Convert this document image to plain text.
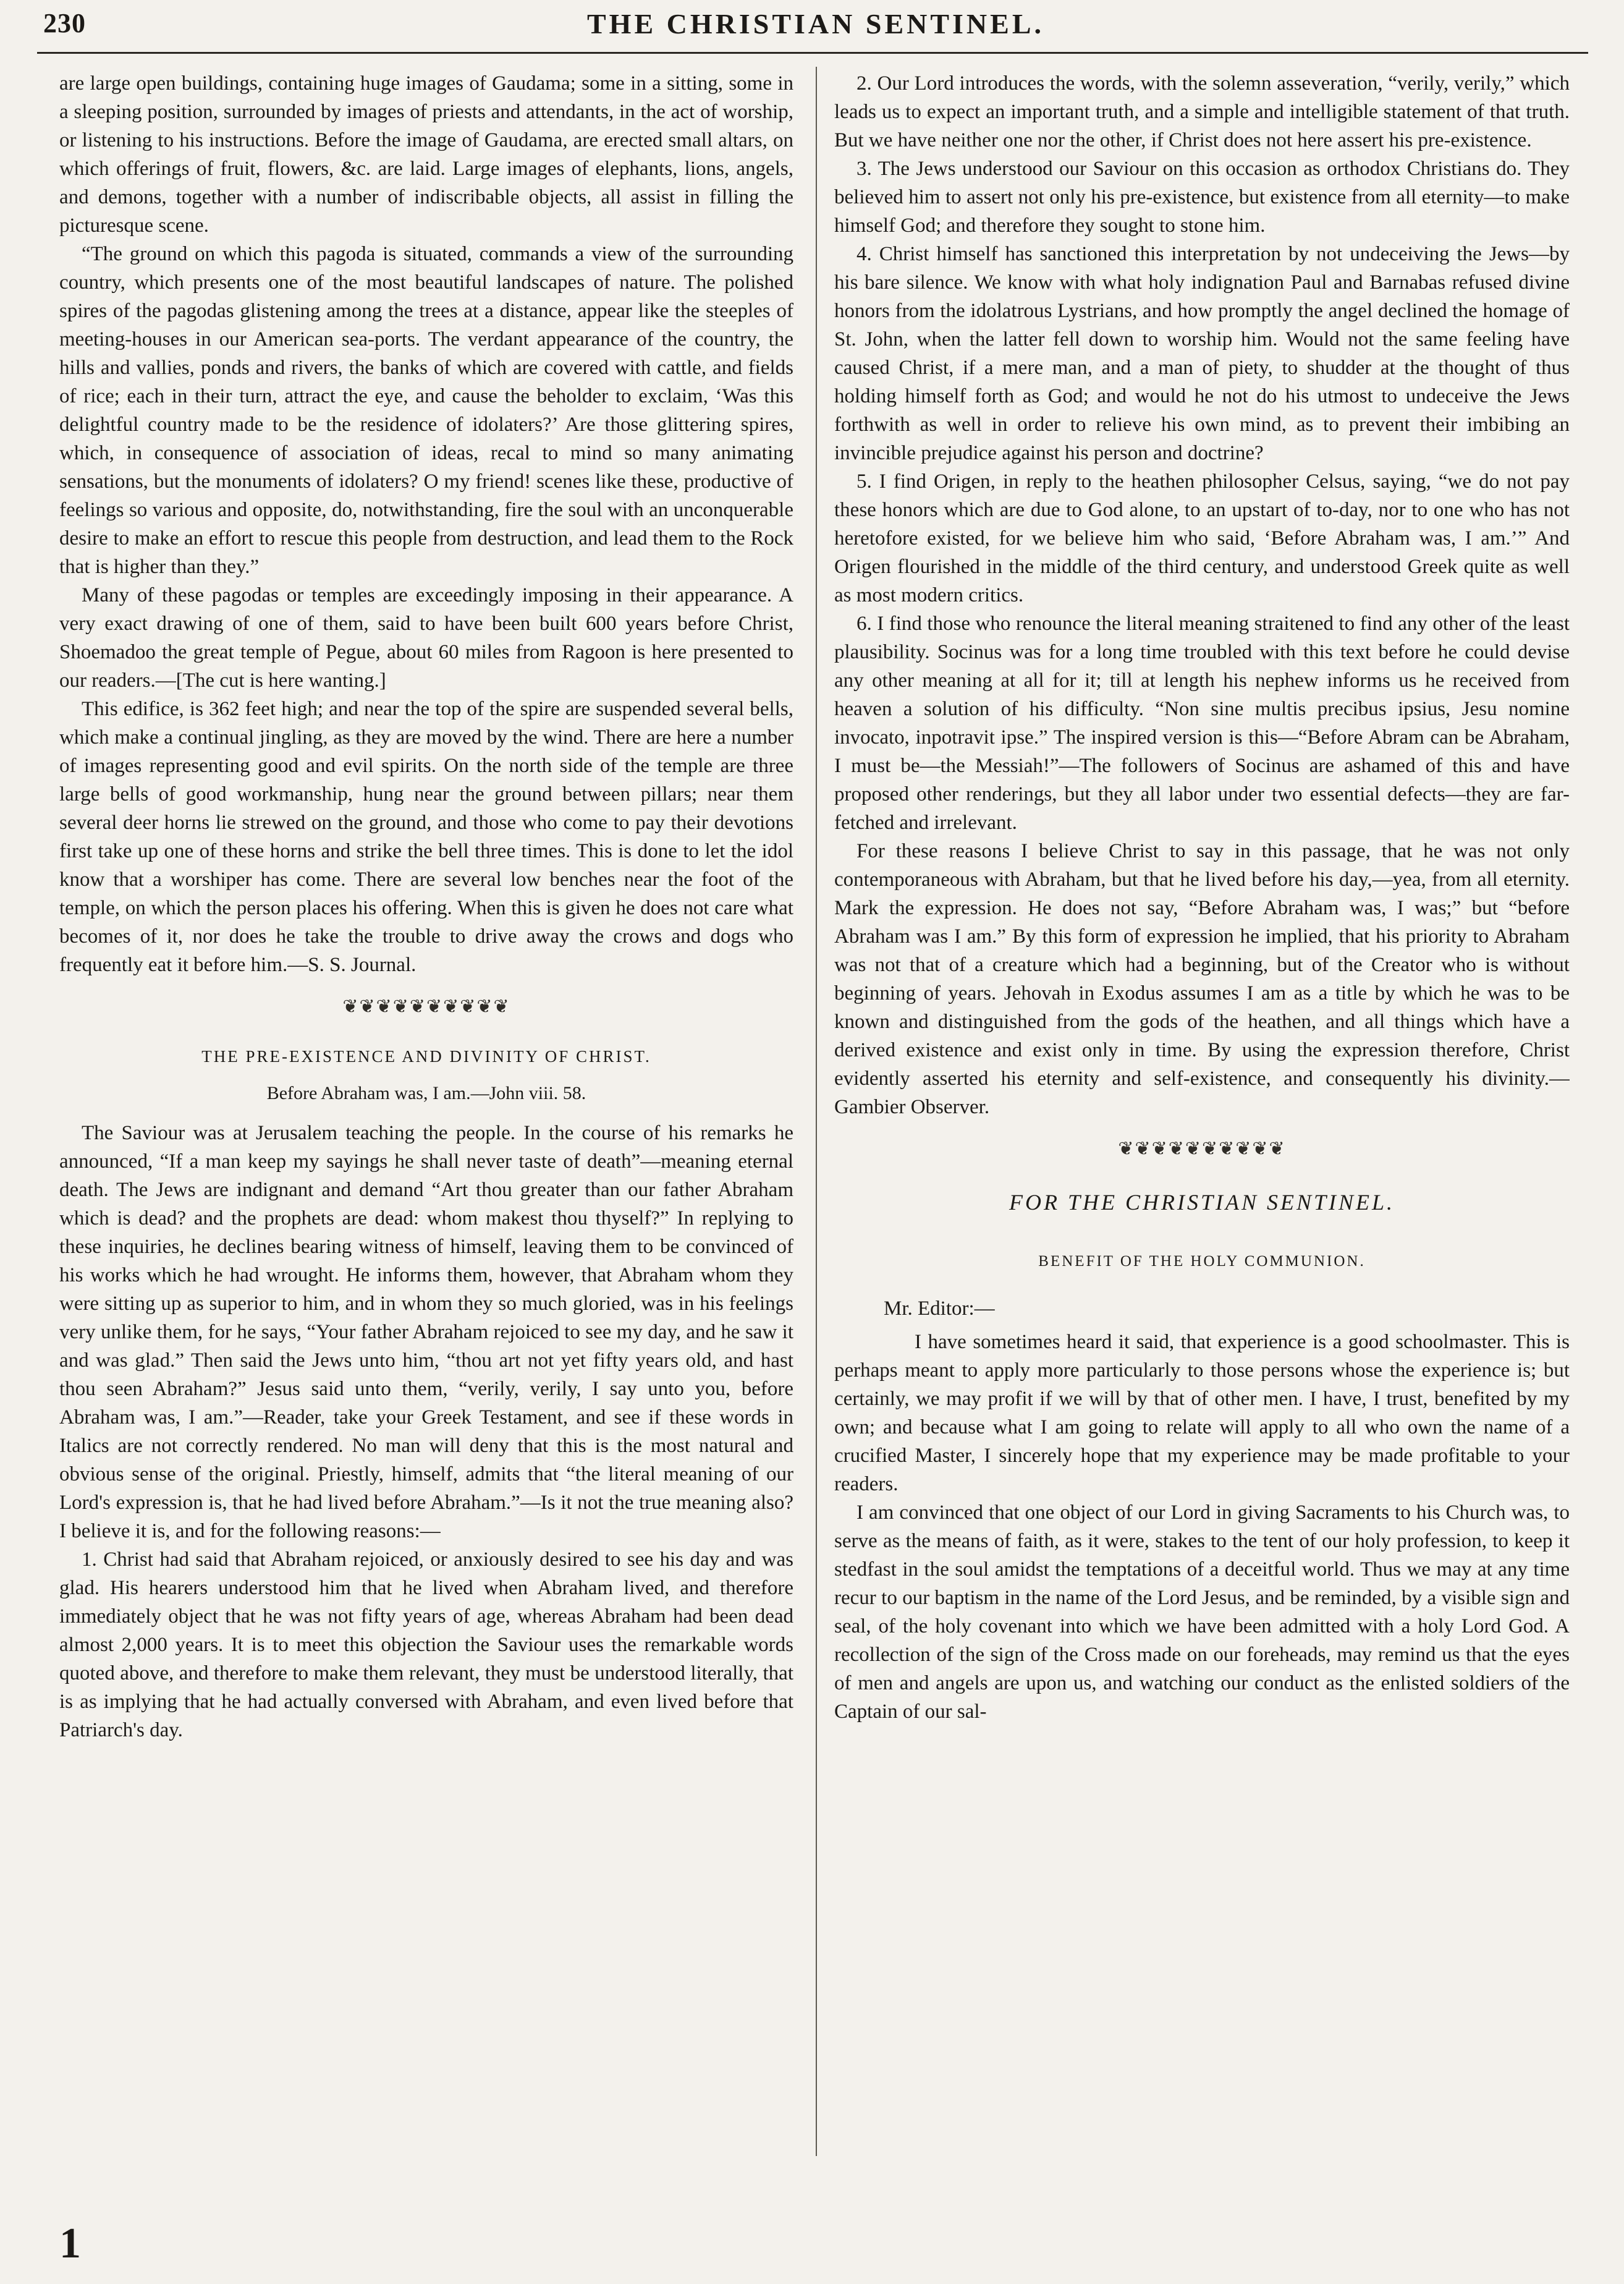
230	THE CHRISTIAN SENTINEL.

are large open buildings, containing huge images of Gaudama; some in a sitting, some in a sleeping position, surrounded by images of priests and attendants, in the act of worship, or listening to his instructions. Before the image of Gaudama, are erected small altars, on which offerings of fruit, flowers, &c. are laid. Large images of elephants, lions, angels, and demons, together with a number of indiscribable objects, all assist in filling the picturesque scene.

“The ground on which this pagoda is situated, commands a view of the surrounding country, which presents one of the most beautiful landscapes of nature. The polished spires of the pagodas glistening among the trees at a distance, appear like the steeples of meeting-houses in our American sea-ports. The verdant appearance of the country, the hills and vallies, ponds and rivers, the banks of which are covered with cattle, and fields of rice; each in their turn, attract the eye, and cause the beholder to exclaim, ‘Was this delightful country made to be the residence of idolaters?’ Are those glittering spires, which, in consequence of association of ideas, recal to mind so many animating sensations, but the monuments of idolaters? O my friend! scenes like these, productive of feelings so various and opposite, do, notwithstanding, fire the soul with an unconquerable desire to make an effort to rescue this people from destruction, and lead them to the Rock that is higher than they.”

Many of these pagodas or temples are exceedingly imposing in their appearance. A very exact drawing of one of them, said to have been built 600 years before Christ, Shoemadoo the great temple of Pegue, about 60 miles from Ragoon is here presented to our readers.—[The cut is here wanting.]

This edifice, is 362 feet high; and near the top of the spire are suspended several bells, which make a continual jingling, as they are moved by the wind. There are here a number of images representing good and evil spirits. On the north side of the temple are three large bells of good workmanship, hung near the ground between pillars; near them several deer horns lie strewed on the ground, and those who come to pay their devotions first take up one of these horns and strike the bell three times. This is done to let the idol know that a worshiper has come. There are several low benches near the foot of the temple, on which the person places his offering. When this is given he does not care what becomes of it, nor does he take the trouble to drive away the crows and dogs who frequently eat it before him.—S. S. Journal.

❦❦❦❦❦❦❦❦❦❦
THE PRE-EXISTENCE AND DIVINITY OF CHRIST.
Before Abraham was, I am.—John viii. 58.

The Saviour was at Jerusalem teaching the people. In the course of his remarks he announced, “If a man keep my sayings he shall never taste of death”—meaning eternal death. The Jews are indignant and demand “Art thou greater than our father Abraham which is dead? and the prophets are dead: whom makest thou thyself?” In replying to these inquiries, he declines bearing witness of himself, leaving them to be convinced of his works which he had wrought. He informs them, however, that Abraham whom they were sitting up as superior to him, and in whom they so much gloried, was in his feelings very unlike them, for he says, “Your father Abraham rejoiced to see my day, and he saw it and was glad.” Then said the Jews unto him, “thou art not yet fifty years old, and hast thou seen Abraham?” Jesus said unto them, “verily, verily, I say unto you, before Abraham was, I am.”—Reader, take your Greek Testament, and see if these words in Italics are not correctly rendered. No man will deny that this is the most natural and obvious sense of the original. Priestly, himself, admits that “the literal meaning of our Lord's expression is, that he had lived before Abraham.”—Is it not the true meaning also? I believe it is, and for the following reasons:—

1. Christ had said that Abraham rejoiced, or anxiously desired to see his day and was glad. His hearers understood him that he lived when Abraham lived, and therefore immediately object that he was not fifty years of age, whereas Abraham had been dead almost 2,000 years. It is to meet this objection the Saviour uses the remarkable words quoted above, and therefore to make them relevant, they must be understood literally, that is as implying that he had actually conversed with Abraham, and even lived before that Patriarch's day.

2. Our Lord introduces the words, with the solemn asseveration, “verily, verily,” which leads us to expect an important truth, and a simple and intelligible statement of that truth. But we have neither one nor the other, if Christ does not here assert his pre-existence.

3. The Jews understood our Saviour on this occasion as orthodox Christians do. They believed him to assert not only his pre-existence, but existence from all eternity—to make himself God; and therefore they sought to stone him.

4. Christ himself has sanctioned this interpretation by not undeceiving the Jews—by his bare silence. We know with what holy indignation Paul and Barnabas refused divine honors from the idolatrous Lystrians, and how promptly the angel declined the homage of St. John, when the latter fell down to worship him. Would not the same feeling have caused Christ, if a mere man, and a man of piety, to shudder at the thought of thus holding himself forth as God; and would he not do his utmost to undeceive the Jews forthwith as well in order to relieve his own mind, as to prevent their imbibing an invincible prejudice against his person and doctrine?

5. I find Origen, in reply to the heathen philosopher Celsus, saying, “we do not pay these honors which are due to God alone, to an upstart of to-day, nor to one who has not heretofore existed, for we believe him who said, ‘Before Abraham was, I am.’” And Origen flourished in the middle of the third century, and understood Greek quite as well as most modern critics.

6. I find those who renounce the literal meaning straitened to find any other of the least plausibility. Socinus was for a long time troubled with this text before he could devise any other meaning at all for it; till at length his nephew informs us he received from heaven a solution of his difficulty. “Non sine multis precibus ipsius, Jesu nomine invocato, inpotravit ipse.” The inspired version is this—“Before Abram can be Abraham, I must be—the Messiah!”—The followers of Socinus are ashamed of this and have proposed other renderings, but they all labor under two essential defects—they are far-fetched and irrelevant.

For these reasons I believe Christ to say in this passage, that he was not only contemporaneous with Abraham, but that he lived before his day,—yea, from all eternity. Mark the expression. He does not say, “Before Abraham was, I was;” but “before Abraham was I am.” By this form of expression he implied, that his priority to Abraham was not that of a creature which had a beginning, but of the Creator who is without beginning of years. Jehovah in Exodus assumes I am as a title by which he was to be known and distinguished from the gods of the heathen, and all things which have a derived existence and exist only in time. By using the expression therefore, Christ evidently asserted his eternity and self-existence, and consequently his divinity.—Gambier Observer.

❦❦❦❦❦❦❦❦❦❦
FOR THE CHRISTIAN SENTINEL.
BENEFIT OF THE HOLY COMMUNION.

Mr. Editor:—

I have sometimes heard it said, that experience is a good schoolmaster. This is perhaps meant to apply more particularly to those persons whose the experience is; but certainly, we may profit if we will by that of other men. I have, I trust, benefited by my own; and because what I am going to relate will apply to all who own the name of a crucified Master, I sincerely hope that my experience may be made profitable to your readers.

I am convinced that one object of our Lord in giving Sacraments to his Church was, to serve as the means of faith, as it were, stakes to the tent of our holy profession, to keep it stedfast in the soul amidst the temptations of a deceitful world. Thus we may at any time recur to our baptism in the name of the Lord Jesus, and be reminded, by a visible sign and seal, of the holy covenant into which we have been admitted with a holy Lord God. A recollection of the sign of the Cross made on our foreheads, may remind us that the eyes of men and angels are upon us, and watching our conduct as the enlisted soldiers of the Captain of our sal-

1
